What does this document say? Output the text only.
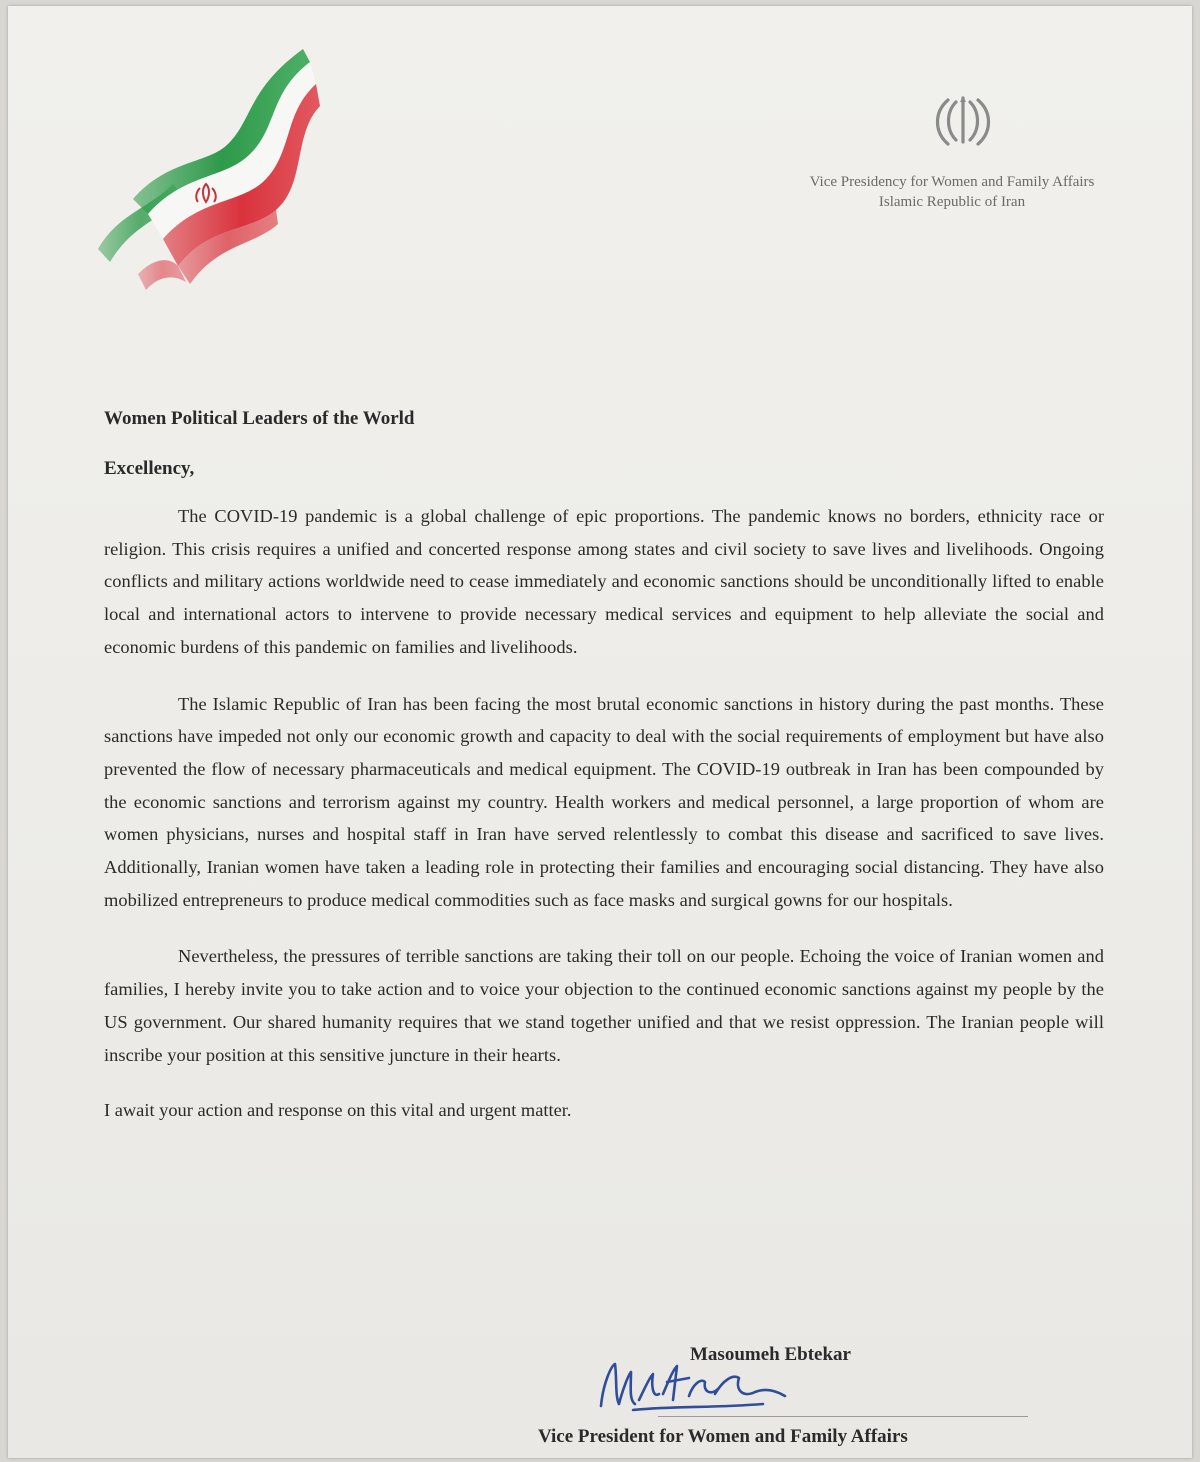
Vice Presidency for Women and Family Affairs
Islamic Republic of Iran

Women Political Leaders of the World

Excellency,

The COVID-19 pandemic is a global challenge of epic proportions. The pandemic knows no borders, ethnicity race or religion. This crisis requires a unified and concerted response among states and civil society to save lives and livelihoods. Ongoing conflicts and military actions worldwide need to cease immediately and economic sanctions should be unconditionally lifted to enable local and international actors to intervene to provide necessary medical services and equipment to help alleviate the social and economic burdens of this pandemic on families and livelihoods.

The Islamic Republic of Iran has been facing the most brutal economic sanctions in history during the past months. These sanctions have impeded not only our economic growth and capacity to deal with the social requirements of employment but have also prevented the flow of necessary pharmaceuticals and medical equipment. The COVID-19 outbreak in Iran has been compounded by the economic sanctions and terrorism against my country. Health workers and medical personnel, a large proportion of whom are women physicians, nurses and hospital staff in Iran have served relentlessly to combat this disease and sacrificed to save lives. Additionally, Iranian women have taken a leading role in protecting their families and encouraging social distancing. They have also mobilized entrepreneurs to produce medical commodities such as face masks and surgical gowns for our hospitals.

Nevertheless, the pressures of terrible sanctions are taking their toll on our people. Echoing the voice of Iranian women and families, I hereby invite you to take action and to voice your objection to the continued economic sanctions against my people by the US government. Our shared humanity requires that we stand together unified and that we resist oppression. The Iranian people will inscribe your position at this sensitive juncture in their hearts.

I await your action and response on this vital and urgent matter.

Masoumeh Ebtekar
Vice President for Women and Family Affairs
